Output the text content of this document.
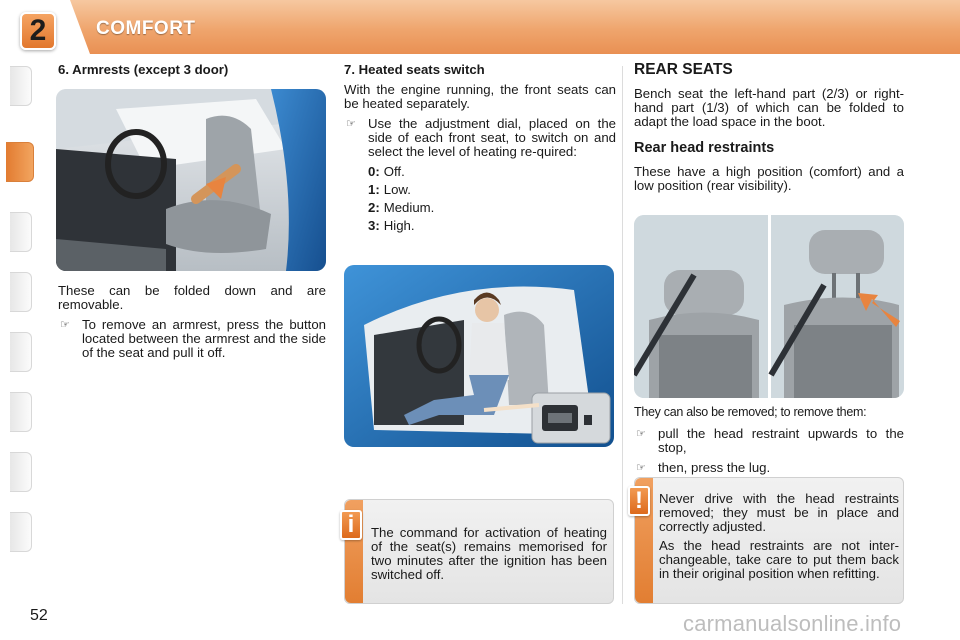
2	COMFORT
6. Armrests (except 3 door)

These can be folded down and are removable.

☞ To remove an armrest, press the button located between the armrest and the side of the seat and pull it off.
7. Heated seats switch

With the engine running, the front seats can be heated separately.

☞ Use the adjustment dial, placed on the side of each front seat, to switch on and select the level of heating re-quired:
0: Off.
1: Low.
2: Medium.
3: High.
The command for activation of heating of the seat(s) remains memorised for two minutes after the ignition has been switched off.
i
REAR SEATS

Bench seat the left-hand part (2/3) or right-hand part (1/3) of which can be folded to adapt the load space in the boot.

Rear head restraints

These have a high position (comfort) and a low position (rear visibility).

They can also be removed; to remove them:

☞ pull the head restraint upwards to the stop,
☞ then, press the lug.

Never drive with the head restraints removed; they must be in place and correctly adjusted.

As the head restraints are not inter-changeable, take care to put them back in their original position when refitting.

!
52	carmanualsonline.info
